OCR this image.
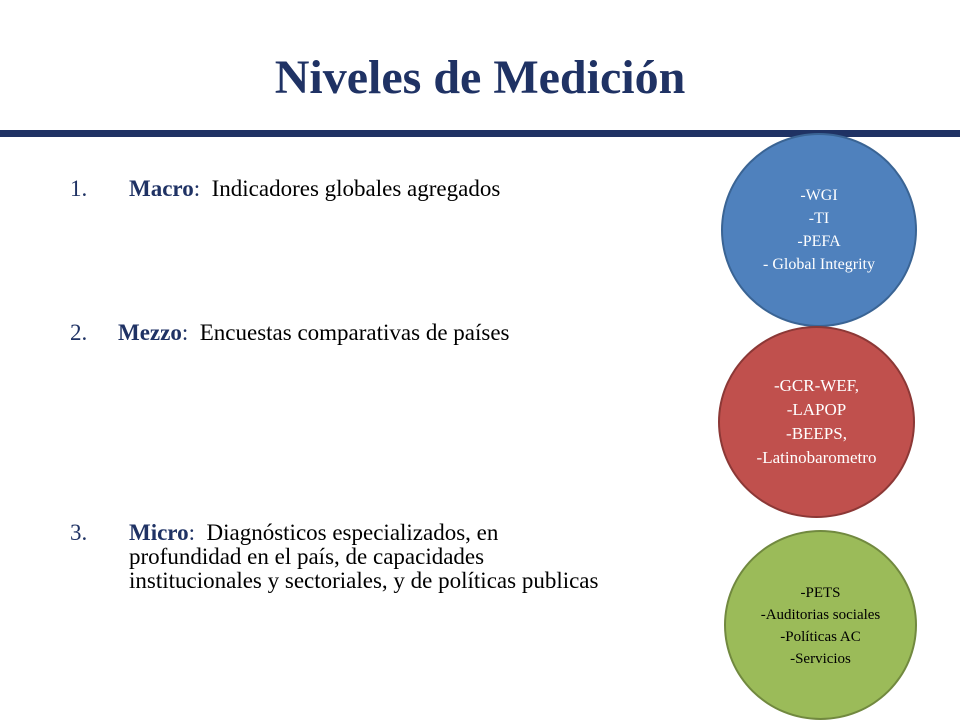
Niveles de Medición
1.	Macro:  Indicadores globales agregados
2.	Mezzo:  Encuestas comparativas de países
3. Micro:  Diagnósticos especializados, en
profundidad en el país, de capacidades
institucionales y sectoriales, y de políticas publicas
-WGI
-TI
-PEFA
- Global Integrity
-GCR-WEF,
-LAPOP
-BEEPS,
-Latinobarometro
-PETS
-Auditorias sociales
-Políticas AC
-Servicios
